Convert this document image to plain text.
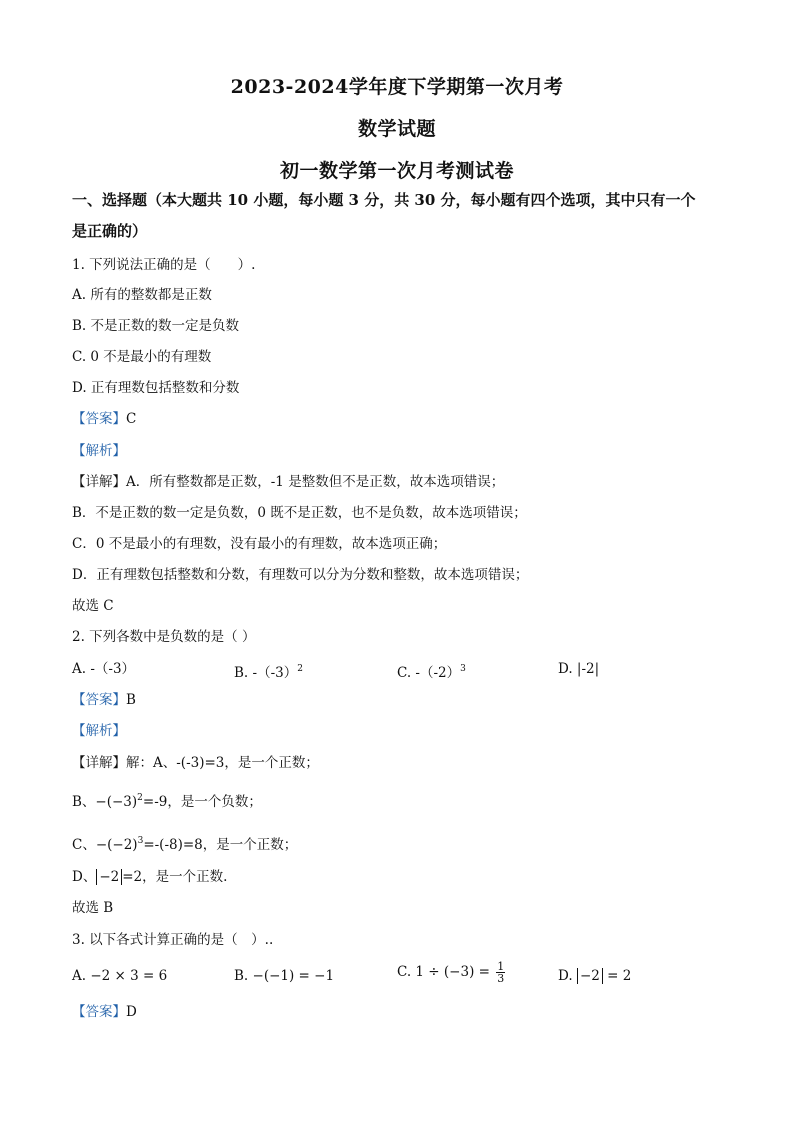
2023-2024学年度下学期第一次月考
数学试题
初一数学第一次月考测试卷
一、选择题（本大题共 10 小题，每小题 3 分，共 30 分，每小题有四个选项，其中只有一个
是正确的）
1. 下列说法正确的是（　　）.
A. 所有的整数都是正数
B. 不是正数的数一定是负数
C. 0 不是最小的有理数
D. 正有理数包括整数和分数
【答案】C
【解析】
【详解】A．所有整数都是正数，-1 是整数但不是正数，故本选项错误；
B．不是正数的数一定是负数，0 既不是正数，也不是负数，故本选项错误；
C．0 不是最小的有理数，没有最小的有理数，故本选项正确；
D．正有理数包括整数和分数，有理数可以分为分数和整数，故本选项错误；
故选 C
2. 下列各数中是负数的是（ ）
A. -（-3）	B. $-(-3)^2$	C. $-(-2)^3$	D. |-2|
【答案】B
【解析】
【详解】解：A、-(-3)=3，是一个正数；
B、$-(-3)^2=-9$，是一个负数；
C、$-(-2)^3=-(-8)=8$，是一个正数；
D、 −2 =2，是一个正数.
故选 B
3. 以下各式计算正确的是（　）..
A. −2 × 3 = 6	B. −(−1) = −1	C. $1 \div (-3) = \frac{1}{3}$	D. −2 = 2
【答案】D
